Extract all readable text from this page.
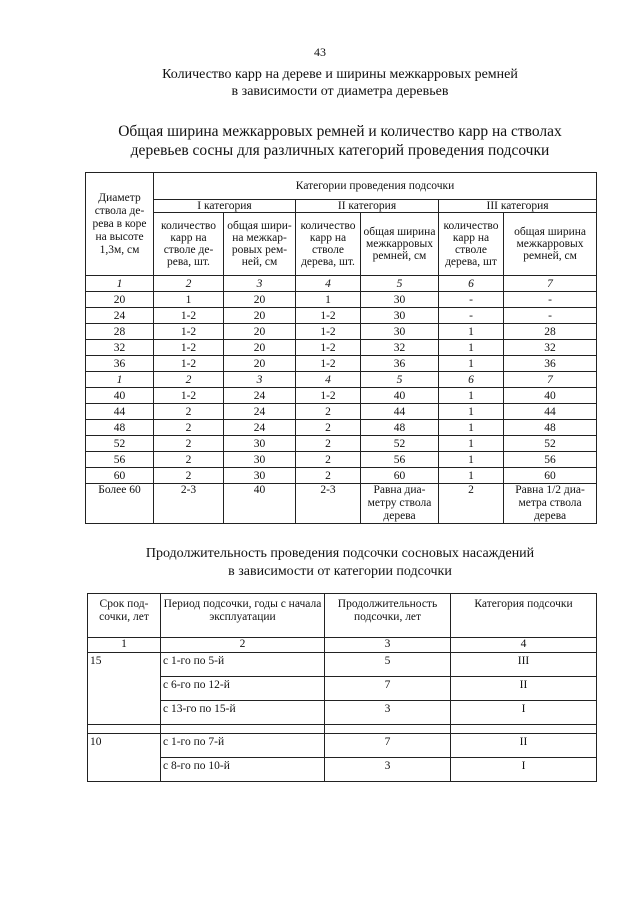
43
Количество карр на дереве и ширины межкарровых ремней
в зависимости от диаметра деревьев
Общая ширина межкарровых ремней и количество карр на стволах
деревьев сосны для различных категорий проведения подсочки
Диаметр ствола де-рева в коре на высоте 1,3м, см	Категории проведения подсочки					
	I категория		II категория		III категория	
	количество карр на стволе де-рева, шт.	общая шири-на межкар-ровых рем-ней, см	количество карр на стволе дерева, шт.	общая ширина межкарровых ремней, см	количество карр на стволе дерева, шт	общая ширина межкарровых ремней, см
1	2	3	4	5	6	7
20	1	20	1	30	-	-
24	1-2	20	1-2	30	-	-
28	1-2	20	1-2	30	1	28
32	1-2	20	1-2	32	1	32
36	1-2	20	1-2	36	1	36
1	2	3	4	5	6	7
40	1-2	24	1-2	40	1	40
44	2	24	2	44	1	44
48	2	24	2	48	1	48
52	2	30	2	52	1	52
56	2	30	2	56	1	56
60	2	30	2	60	1	60
Более 60	2-3	40	2-3	Равна диа-метру ствола дерева	2	Равна 1/2 диа-метра ствола дерева
Продолжительность проведения подсочки сосновых насаждений
в зависимости от категории подсочки
Срок под-сочки, лет	Период подсочки, годы с начала эксплуатации	Продолжительность подсочки, лет	Категория подсочки
1	2	3	4
15	с 1-го по 5-й	5	III
	с 6-го по 12-й	7	II
	с 13-го по 15-й	3	I

10	с 1-го по 7-й	7	II
	с 8-го по 10-й	3	I
